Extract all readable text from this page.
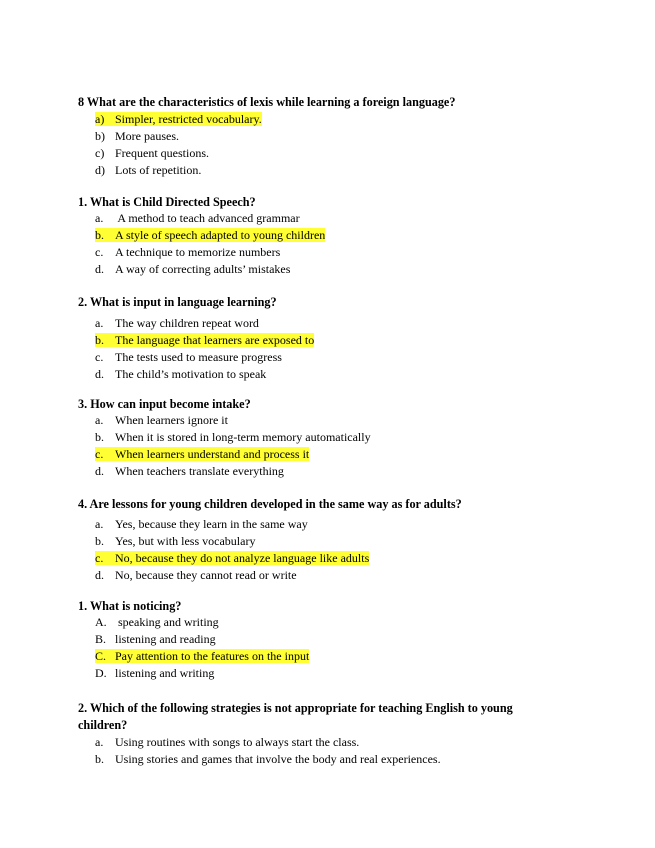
8 What are the characteristics of lexis while learning a foreign language?
a) Simpler, restricted vocabulary.
b) More pauses.
c) Frequent questions.
d) Lots of repetition.
1. What is Child Directed Speech?
a. A method to teach advanced grammar
b. A style of speech adapted to young children
c. A technique to memorize numbers
d. A way of correcting adults’ mistakes
2. What is input in language learning?
a. The way children repeat word
b. The language that learners are exposed to
c. The tests used to measure progress
d. The child’s motivation to speak
3. How can input become intake?
a. When learners ignore it
b. When it is stored in long-term memory automatically
c. When learners understand and process it
d. When teachers translate everything
4. Are lessons for young children developed in the same way as for adults?
a. Yes, because they learn in the same way
b. Yes, but with less vocabulary
c. No, because they do not analyze language like adults
d. No, because they cannot read or write
1. What is noticing?
A. speaking and writing
B. listening and reading
C. Pay attention to the features on the input
D. listening and writing
2. Which of the following strategies is not appropriate for teaching English to young children?
a. Using routines with songs to always start the class.
b. Using stories and games that involve the body and real experiences.
